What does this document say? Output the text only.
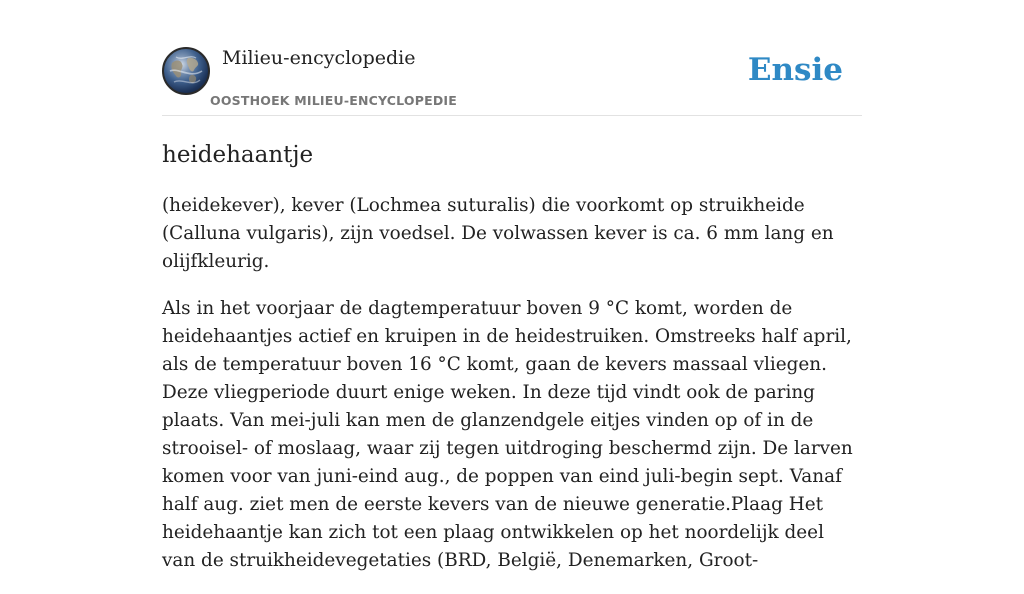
Milieu-encyclopedie
OOSTHOEK MILIEU-ENCYCLOPEDIE
Ensie
heidehaantje

(heidekever), kever (Lochmea suturalis) die voorkomt op struikheide (Calluna vulgaris), zijn voedsel. De volwassen kever is ca. 6 mm lang en olijfkleurig.

Als in het voorjaar de dagtemperatuur boven 9 °C komt, worden de heidehaantjes actief en kruipen in de heidestruiken. Omstreeks half april, als de temperatuur boven 16 °C komt, gaan de kevers massaal vliegen. Deze vliegperiode duurt enige weken. In deze tijd vindt ook de paring plaats. Van mei-juli kan men de glanzendgele eitjes vinden op of in de strooisel- of moslaag, waar zij tegen uitdroging beschermd zijn. De larven komen voor van juni-eind aug., de poppen van eind juli-begin sept. Vanaf half aug. ziet men de eerste kevers van de nieuwe generatie.Plaag Het heidehaantje kan zich tot een plaag ontwikkelen op het noordelijk deel van de struikheidevegetaties (BRD, België, Denemarken, Groot-
